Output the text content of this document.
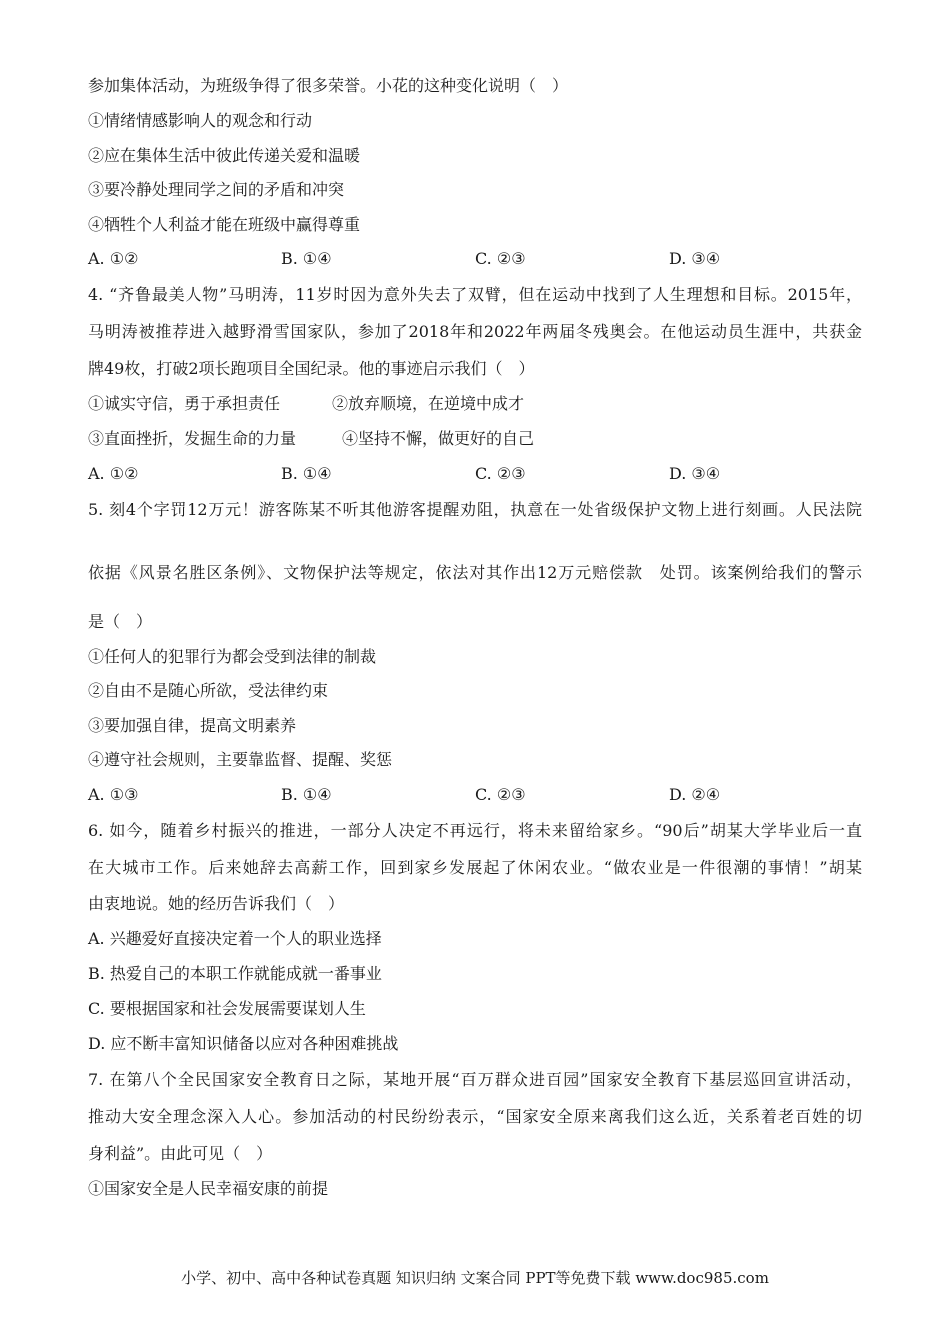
参加集体活动，为班级争得了很多荣誉。小花的这种变化说明（　）
①情绪情感影响人的观念和行动
②应在集体生活中彼此传递关爱和温暖
③要冷静处理同学之间的矛盾和冲突
④牺牲个人利益才能在班级中赢得尊重
A. ①②	B. ①④	C. ②③	D. ③④
4. “齐鲁最美人物”马明涛，11岁时因为意外失去了双臂，但在运动中找到了人生理想和目标。2015年，
马明涛被推荐进入越野滑雪国家队，参加了2018年和2022年两届冬残奥会。在他运动员生涯中，共获金
牌49枚，打破2项长跑项目全国纪录。他的事迹启示我们（　）
①诚实守信，勇于承担责任	②放弃顺境，在逆境中成才
③直面挫折，发掘生命的力量	④坚持不懈，做更好的自己
A. ①②	B. ①④	C. ②③	D. ③④
5. 刻4个字罚12万元！游客陈某不听其他游客提醒劝阻，执意在一处省级保护文物上进行刻画。人民法院
依据《风景名胜区条例》、文物保护法等规定，依法对其作出12万元赔偿款　处罚。该案例给我们的警示
是（　）
①任何人的犯罪行为都会受到法律的制裁
②自由不是随心所欲，受法律约束
③要加强自律，提高文明素养
④遵守社会规则，主要靠监督、提醒、奖惩
A. ①③	B. ①④	C. ②③	D. ②④
6. 如今，随着乡村振兴的推进，一部分人决定不再远行，将未来留给家乡。“90后”胡某大学毕业后一直
在大城市工作。后来她辞去高薪工作，回到家乡发展起了休闲农业。“做农业是一件很潮的事情！”胡某
由衷地说。她的经历告诉我们（　）
A. 兴趣爱好直接决定着一个人的职业选择
B. 热爱自己的本职工作就能成就一番事业
C. 要根据国家和社会发展需要谋划人生
D. 应不断丰富知识储备以应对各种困难挑战
7. 在第八个全民国家安全教育日之际，某地开展“百万群众进百园”国家安全教育下基层巡回宣讲活动，
推动大安全理念深入人心。参加活动的村民纷纷表示，“国家安全原来离我们这么近，关系着老百姓的切
身利益”。由此可见（　）
①国家安全是人民幸福安康的前提
小学、初中、高中各种试卷真题 知识归纳 文案合同 PPT等免费下载 www.doc985.com
